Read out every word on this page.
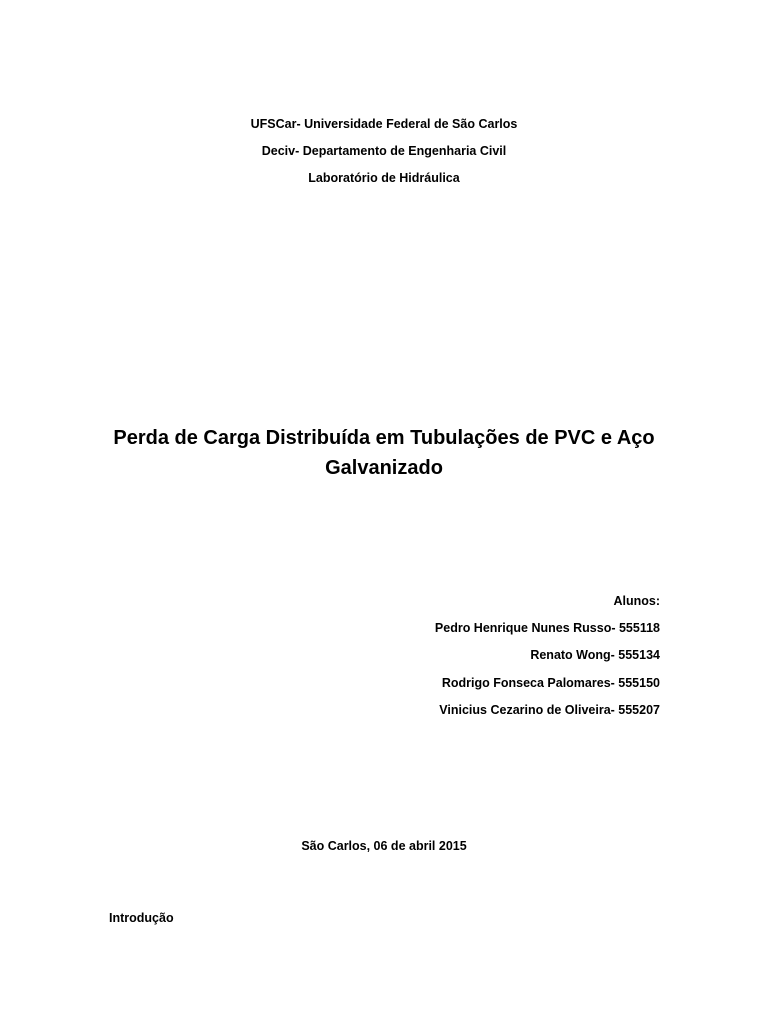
UFSCar- Universidade Federal de São Carlos
Deciv- Departamento de Engenharia Civil
Laboratório de Hidráulica
Perda de Carga Distribuída em Tubulações de PVC e Aço
Galvanizado
Alunos:
Pedro Henrique Nunes Russo- 555118
Renato Wong- 555134
Rodrigo Fonseca Palomares- 555150
Vinicius Cezarino de Oliveira- 555207
São Carlos, 06 de abril 2015
Introdução
